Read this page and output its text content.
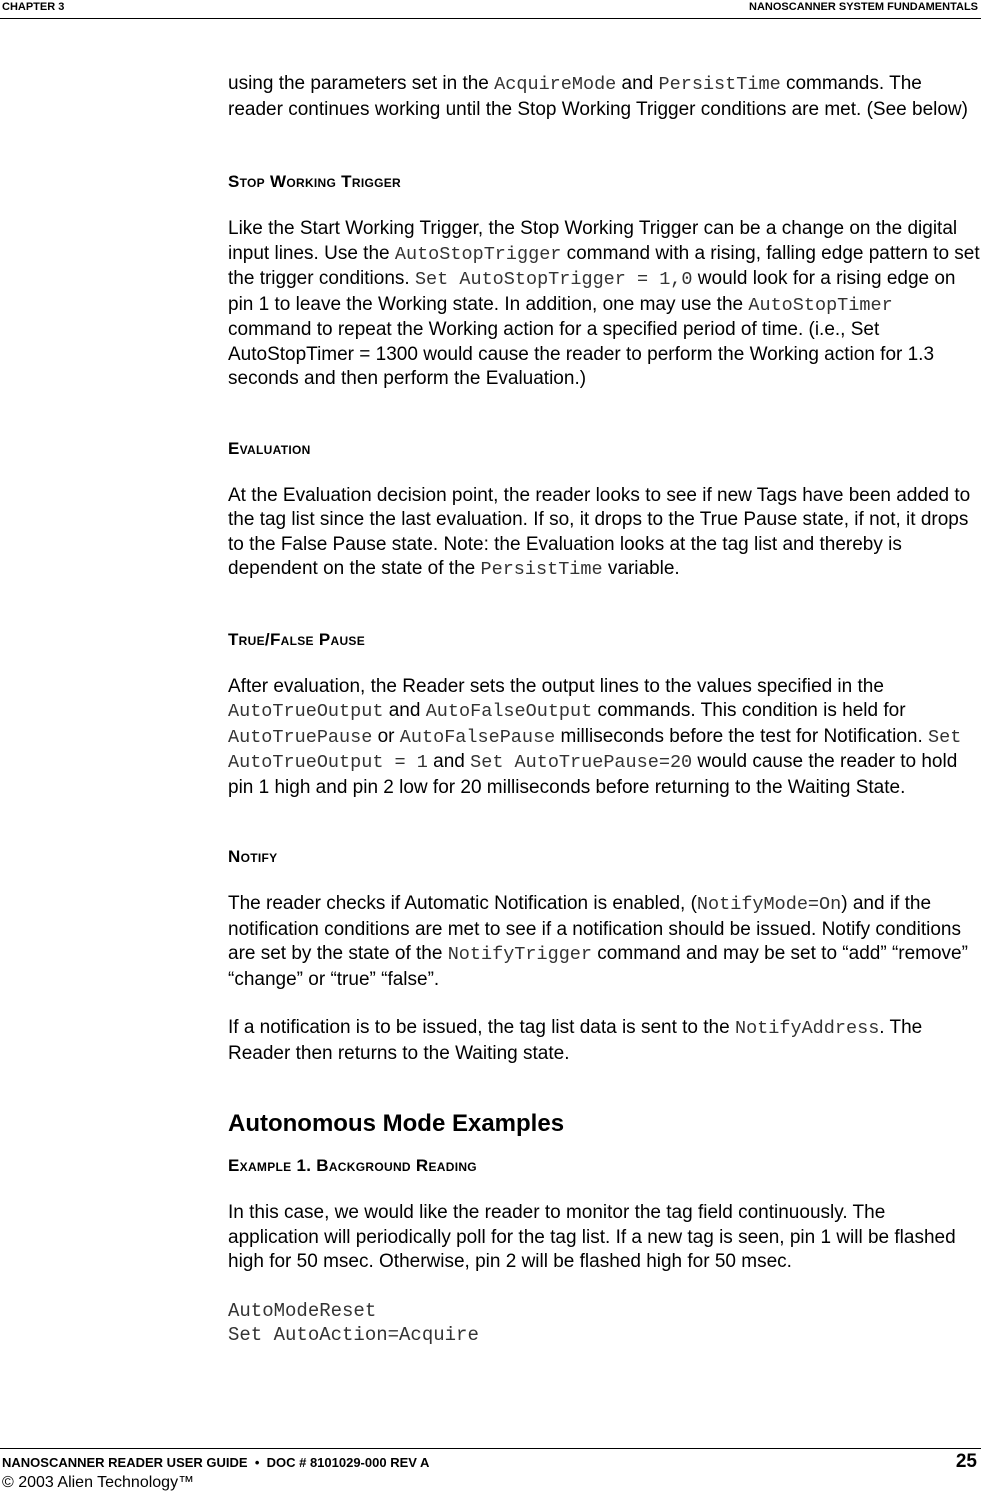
CHAPTER 3	NANOSCANNER SYSTEM FUNDAMENTALS

using the parameters set in the AcquireMode and PersistTime commands. The reader continues working until the Stop Working Trigger conditions are met. (See below)

Stop Working Trigger

Like the Start Working Trigger, the Stop Working Trigger can be a change on the digital input lines. Use the AutoStopTrigger command with a rising, falling edge pattern to set the trigger conditions. Set AutoStopTrigger = 1,0 would look for a rising edge on pin 1 to leave the Working state. In addition, one may use the AutoStopTimer command to repeat the Working action for a specified period of time. (i.e., Set AutoStopTimer = 1300 would cause the reader to perform the Working action for 1.3 seconds and then perform the Evaluation.)

Evaluation

At the Evaluation decision point, the reader looks to see if new Tags have been added to the tag list since the last evaluation. If so, it drops to the True Pause state, if not, it drops to the False Pause state. Note: the Evaluation looks at the tag list and thereby is dependent on the state of the PersistTime variable.

True/False Pause

After evaluation, the Reader sets the output lines to the values specified in the AutoTrueOutput and AutoFalseOutput commands. This condition is held for AutoTruePause or AutoFalsePause milliseconds before the test for Notification. Set AutoTrueOutput = 1 and Set AutoTruePause=20 would cause the reader to hold pin 1 high and pin 2 low for 20 milliseconds before returning to the Waiting State.

Notify

The reader checks if Automatic Notification is enabled, (NotifyMode=On) and if the notification conditions are met to see if a notification should be issued. Notify conditions are set by the state of the NotifyTrigger command and may be set to “add” “remove” “change” or “true” “false”.

If a notification is to be issued, the tag list data is sent to the NotifyAddress. The Reader then returns to the Waiting state.

Autonomous Mode Examples
Example 1. Background Reading

In this case, we would like the reader to monitor the tag field continuously. The application will periodically poll for the tag list. If a new tag is seen, pin 1 will be flashed high for 50 msec. Otherwise, pin 2 will be flashed high for 50 msec.

AutoModeReset
Set AutoAction=Acquire
NANOSCANNER READER USER GUIDE • DOC # 8101029-000 REV A	25
© 2003 Alien Technology™
